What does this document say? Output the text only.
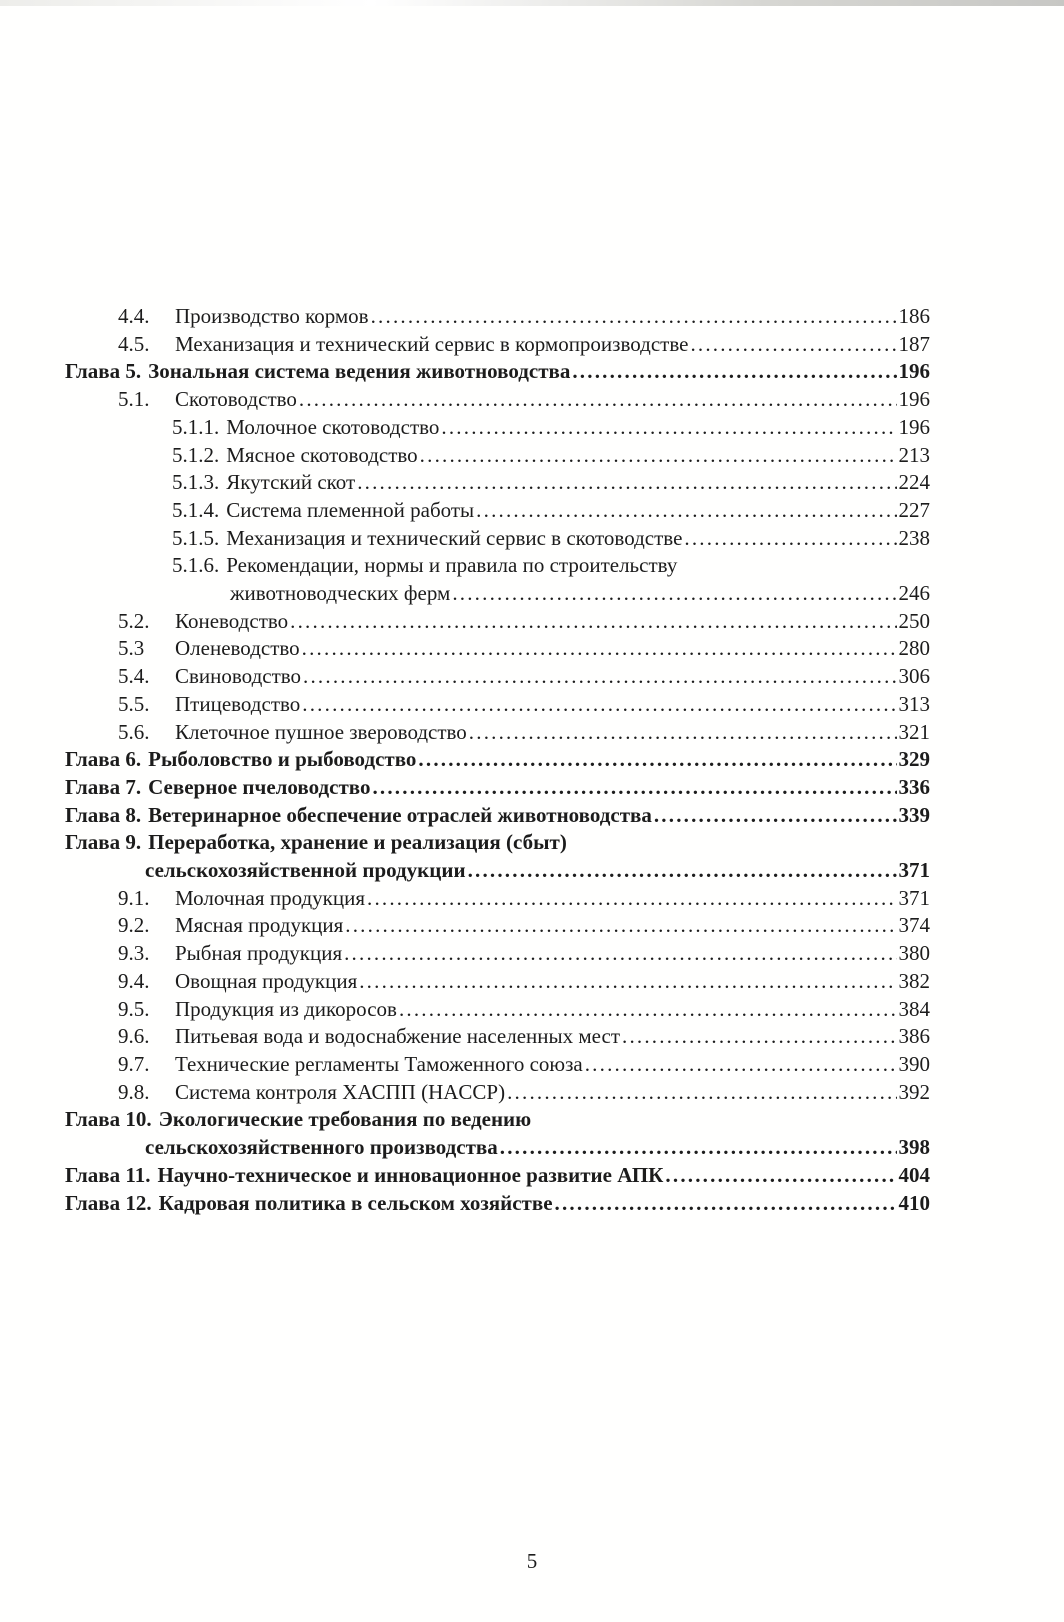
4.4.	Производство кормов .....	186
4.5.	Механизация и технический сервис в кормопроизводстве .....	187
Глава 5. Зональная система ведения животноводства .....	196
5.1.	Скотоводство .....	196
5.1.1. Молочное скотоводство .....	196
5.1.2. Мясное скотоводство .....	213
5.1.3. Якутский скот .....	224
5.1.4. Система племенной работы .....	227
5.1.5. Механизация и технический сервис в скотоводстве .....	238
5.1.6. Рекомендации, нормы и правила по строительству
животноводческих ферм .....	246
5.2.	Коневодство .....	250
5.3	Оленеводство .....	280
5.4.	Свиноводство .....	306
5.5.	Птицеводство .....	313
5.6.	Клеточное пушное звероводство .....	321
Глава 6. Рыболовство и рыбоводство .....	329
Глава 7. Северное пчеловодство .....	336
Глава 8. Ветеринарное обеспечение отраслей животноводства .....	339
Глава 9. Переработка, хранение и реализация (сбыт)
сельскохозяйственной продукции .....	371
9.1.	Молочная продукция .....	371
9.2.	Мясная продукция .....	374
9.3.	Рыбная продукция .....	380
9.4.	Овощная продукция .....	382
9.5.	Продукция из дикоросов .....	384
9.6.	Питьевая вода и водоснабжение населенных мест .....	386
9.7.	Технические регламенты Таможенного союза .....	390
9.8.	Система контроля ХАСПП (HACCP) .....	392
Глава 10. Экологические требования по ведению
сельскохозяйственного производства .....	398
Глава 11. Научно-техническое и инновационное развитие АПК .....	404
Глава 12. Кадровая политика в сельском хозяйстве .....	410
5
